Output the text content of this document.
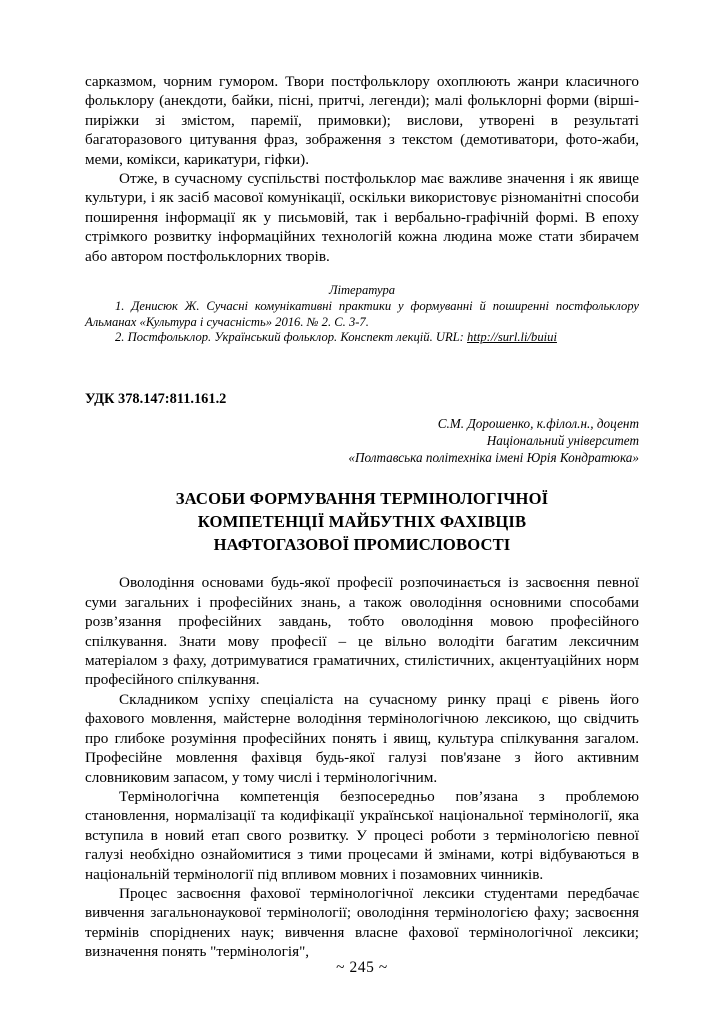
сарказмом, чорним гумором. Твори постфольклору охоплюють жанри класичного фольклору (анекдоти, байки, пісні, притчі, легенди); малі фольклорні форми (вірші-пиріжки зі змістом, паремії, примовки); вислови, утворені в результаті багаторазового цитування фраз, зображення з текстом (демотиватори, фото-жаби, меми, комікси, карикатури, гіфки).

Отже, в сучасному суспільстві постфольклор має важливе значення і як явище культури, і як засіб масової комунікації, оскільки використовує різноманітні способи поширення інформації як у письмовій, так і вербально-графічній формі. В епоху стрімкого розвитку інформаційних технологій кожна людина може стати збирачем або автором постфольклорних творів.

Література

1. Денисюк Ж. Сучасні комунікативні практики у формуванні й поширенні постфольклору Альманах «Культура і сучасність» 2016. № 2. С. 3-7.

2. Постфольклор. Український фольклор. Конспект лекцій. URL: http://surl.li/buiui

УДК 378.147:811.161.2

С.М. Дорошенко, к.філол.н., доцент
Національний університет
«Полтавська політехніка імені Юрія Кондратюка»
ЗАСОБИ ФОРМУВАННЯ ТЕРМІНОЛОГІЧНОЇ
КОМПЕТЕНЦІЇ МАЙБУТНІХ ФАХІВЦІВ
НАФТОГАЗОВОЇ ПРОМИСЛОВОСТІ

Оволодіння основами будь-якої професії розпочинається із засвоєння певної суми загальних і професійних знань, а також оволодіння основними способами розв’язання професійних завдань, тобто оволодіння мовою професійного спілкування. Знати мову професії – це вільно володіти багатим лексичним матеріалом з фаху, дотримуватися граматичних, стилістичних, акцентуаційних норм професійного спілкування.

Складником успіху спеціаліста на сучасному ринку праці є рівень його фахового мовлення, майстерне володіння термінологічною лексикою, що свідчить про глибоке розуміння професійних понять і явищ, культура спілкування загалом. Професійне мовлення фахівця будь-якої галузі пов'язане з його активним словниковим запасом, у тому числі і термінологічним.

Термінологічна компетенція безпосередньо пов’язана з проблемою становлення, нормалізації та кодифікації української національної термінології, яка вступила в новий етап свого розвитку. У процесі роботи з термінологією певної галузі необхідно ознайомитися з тими процесами й змінами, котрі відбуваються в національній термінології під впливом мовних і позамовних чинників.

Процес засвоєння фахової термінологічної лексики студентами передбачає вивчення загальнонаукової термінології; оволодіння термінологією фаху; засвоєння термінів споріднених наук; вивчення власне фахової термінологічної лексики; визначення понять "термінологія",

~ 245 ~
